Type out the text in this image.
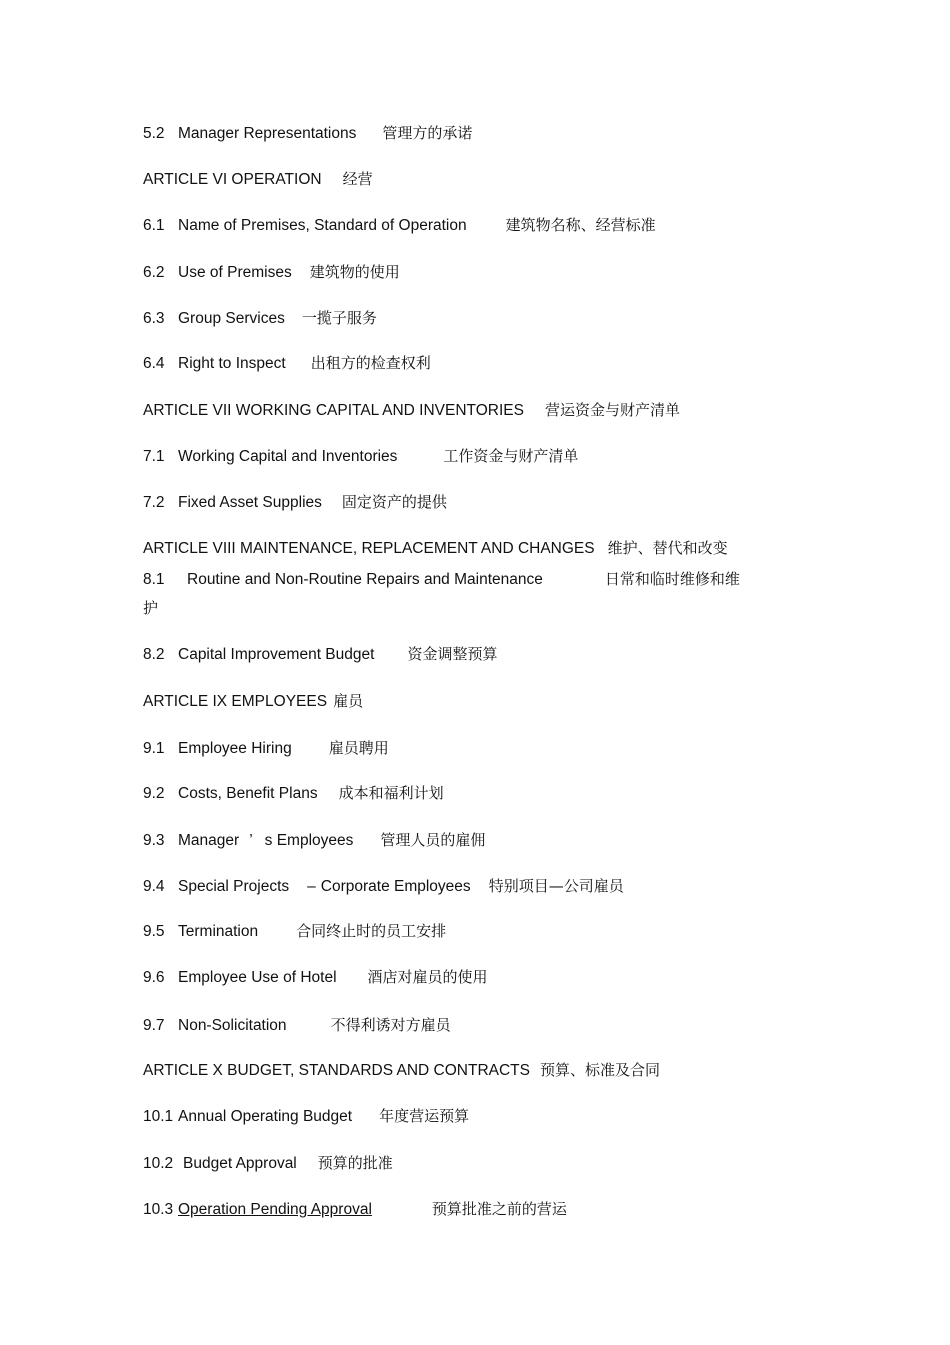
5.2 Manager Representations 管理方的承诺
ARTICLE VI OPERATION 经营
6.1 Name of Premises, Standard of Operation	建筑物名称、经营标准
6.2 Use of Premises 建筑物的使用
6.3 Group Services 一揽子服务
6.4 Right to Inspect 出租方的检查权利
ARTICLE VII WORKING CAPITAL AND INVENTORIES 营运资金与财产清单
7.1 Working Capital and Inventories	工作资金与财产清单
7.2 Fixed Asset Supplies 固定资产的提供
ARTICLE VIII MAINTENANCE, REPLACEMENT AND CHANGES 维护、替代和改变
8.1 Routine and Non-Routine Repairs and Maintenance	日常和临时维修和维
护
8.2 Capital Improvement Budget 资金调整预算
ARTICLE IX EMPLOYEES 雇员
9.1 Employee Hiring 雇员聘用
9.2 Costs, Benefit Plans 成本和福利计划
9.3 Manager ’ s Employees 管理人员的雇佣
9.4 Special Projects – Corporate Employees 特别项目—公司雇员
9.5 Termination	合同终止时的员工安排
9.6 Employee Use of Hotel 酒店对雇员的使用
9.7 Non-Solicitation	不得利诱对方雇员
ARTICLE X BUDGET, STANDARDS AND CONTRACTS 预算、标准及合同
10.1 Annual Operating Budget 年度营运预算
10.2 Budget Approval 预算的批准
10.3 Operation Pending Approval	预算批准之前的营运
